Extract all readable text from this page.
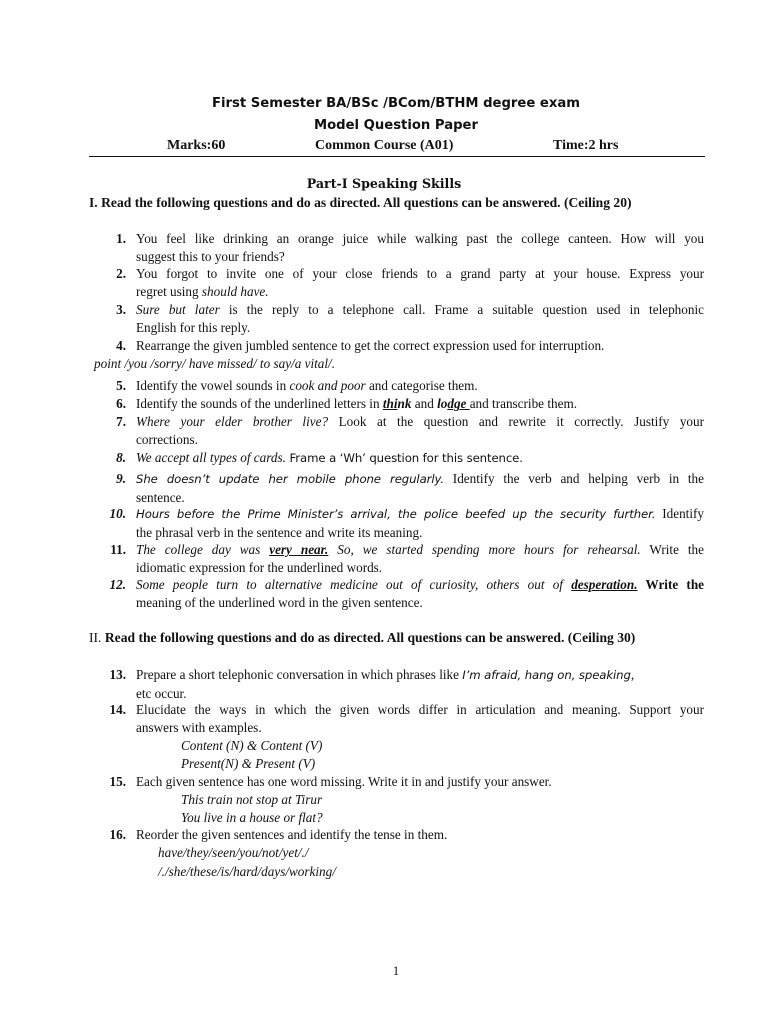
First Semester BA/BSc /BCom/BTHM degree exam
Model Question Paper
Marks:60	Common Course (A01)	Time:2 hrs
Part-I Speaking Skills
I. Read the following questions and do as directed. All questions can be answered. (Ceiling 20)
1. You feel like drinking an orange juice while walking past the college canteen. How will you
suggest this to your friends?
2. You forgot to invite one of your close friends to a grand party at your house. Express your
regret using should have.
3. Sure but later is the reply to a telephone call. Frame a suitable question used in telephonic
English for this reply.
4. Rearrange the given jumbled sentence to get the correct expression used for interruption.
point /you /sorry/ have missed/ to say/a vital/.
5. Identify the vowel sounds in cook and poor and categorise them.
6. Identify the sounds of the underlined letters in think and lodge and transcribe them.
7. Where your elder brother live? Look at the question and rewrite it correctly. Justify your
corrections.
8. We accept all types of cards. Frame a ‘Wh’ question for this sentence.
9. She doesn’t update her mobile phone regularly. Identify the verb and helping verb in the
sentence.
10. Hours before the Prime Minister’s arrival, the police beefed up the security further. Identify
the phrasal verb in the sentence and write its meaning.
11. The college day was very near. So, we started spending more hours for rehearsal. Write the
idiomatic expression for the underlined words.
12. Some people turn to alternative medicine out of curiosity, others out of desperation. Write the
meaning of the underlined word in the given sentence.
II. Read the following questions and do as directed. All questions can be answered. (Ceiling 30)
13. Prepare a short telephonic conversation in which phrases like I’m afraid, hang on, speaking,
etc occur.
14. Elucidate the ways in which the given words differ in articulation and meaning. Support your
answers with examples.
Content (N) & Content (V)
Present(N) & Present (V)
15. Each given sentence has one word missing. Write it in and justify your answer.
This train not stop at Tirur
You live in a house or flat?
16. Reorder the given sentences and identify the tense in them.
have/they/seen/you/not/yet/./
/./she/these/is/hard/days/working/
1
